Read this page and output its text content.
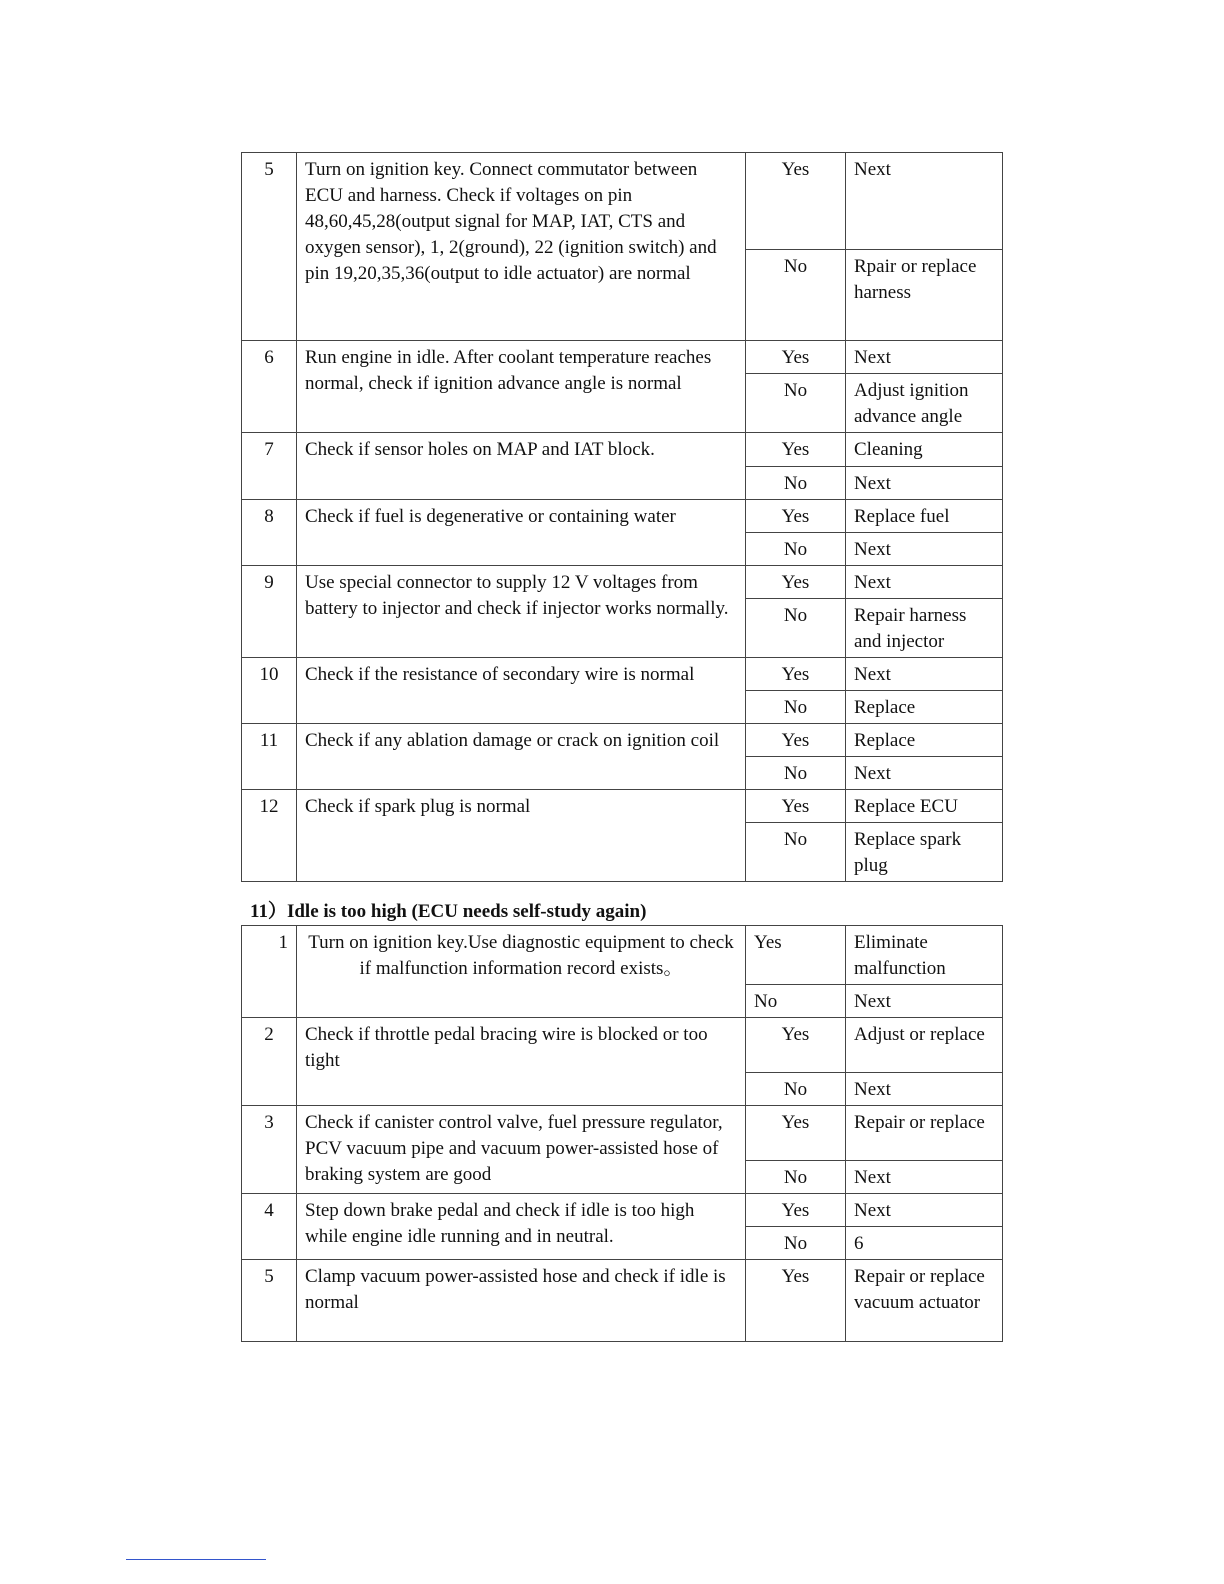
5	Turn on ignition key. Connect commutator between ECU and harness. Check if voltages on pin 48,60,45,28(output signal for MAP, IAT, CTS and oxygen sensor), 1, 2(ground), 22 (ignition switch) and pin 19,20,35,36(output to idle actuator) are normal	Yes	Next
		No	Rpair or replace harness
6	Run engine in idle. After coolant temperature reaches normal, check if ignition advance angle is normal	Yes	Next
		No	Adjust ignition advance angle
7	Check if sensor holes on MAP and IAT block.	Yes	Cleaning
		No	Next
8	Check if fuel is degenerative or containing water	Yes	Replace fuel
		No	Next
9	Use special connector to supply 12 V voltages from battery to injector and check if injector works normally.	Yes	Next
		No	Repair harness and injector
10	Check if the resistance of secondary wire is normal	Yes	Next
		No	Replace
11	Check if any ablation damage or crack on ignition coil	Yes	Replace
		No	Next
12	Check if spark plug is normal	Yes	Replace ECU
		No	Replace spark plug
11）Idle is too high (ECU needs self-study again)
1	Turn on ignition key.Use diagnostic equipment to check if malfunction information record exists。	Yes	Eliminate malfunction
		No	Next
2	Check if throttle pedal bracing wire is blocked or too tight	Yes	Adjust or replace
		No	Next
3	Check if canister control valve, fuel pressure regulator, PCV vacuum pipe and vacuum power-assisted hose of braking system are good	Yes	Repair or replace
		No	Next
4	Step down brake pedal and check if idle is too high while engine idle running and in neutral.	Yes	Next
		No	6
5	Clamp vacuum power-assisted hose and check if idle is normal	Yes	Repair or replace vacuum actuator
